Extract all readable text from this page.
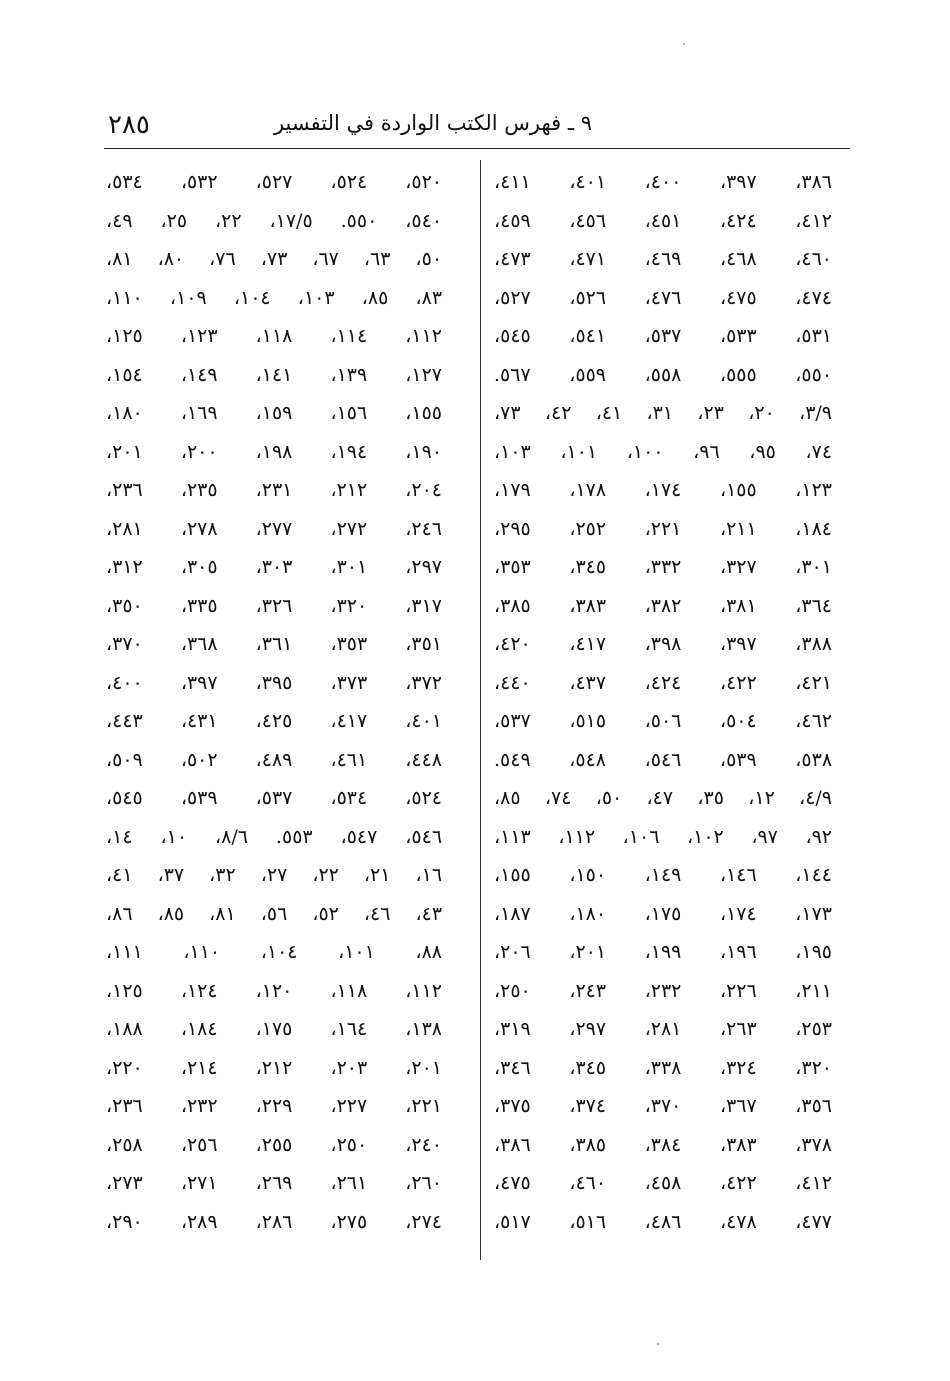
٩ ـ فهرس الكتب الواردة في التفسير
٢٨٥
٣٨٦، ٣٩٧، ٤٠٠، ٤٠١، ٤١١،
٤١٢، ٤٢٤، ٤٥١، ٤٥٦، ٤٥٩،
٤٦٠، ٤٦٨، ٤٦٩، ٤٧١، ٤٧٣،
٤٧٤، ٤٧٥، ٤٧٦، ٥٢٦، ٥٢٧،
٥٣١، ٥٣٣، ٥٣٧، ٥٤١، ٥٤٥،
٥٥٠، ٥٥٥، ٥٥٨، ٥٥٩، ٥٦٧.
٣/٩، ٢٠، ٢٣، ٣١، ٤١، ٤٢، ٧٣،
٧٤، ٩٥، ٩٦، ١٠٠، ١٠١، ١٠٣،
١٢٣، ١٥٥، ١٧٤، ١٧٨، ١٧٩،
١٨٤، ٢١١، ٢٢١، ٢٥٢، ٢٩٥،
٣٠١، ٣٢٧، ٣٣٢، ٣٤٥، ٣٥٣،
٣٦٤، ٣٨١، ٣٨٢، ٣٨٣، ٣٨٥،
٣٨٨، ٣٩٧، ٣٩٨، ٤١٧، ٤٢٠،
٤٢١، ٤٢٢، ٤٢٤، ٤٣٧، ٤٤٠،
٤٦٢، ٥٠٤، ٥٠٦، ٥١٥، ٥٣٧،
٥٣٨، ٥٣٩، ٥٤٦، ٥٤٨، ٥٤٩.
٤/٩، ١٢، ٣٥، ٤٧، ٥٠، ٧٤، ٨٥،
٩٢، ٩٧، ١٠٢، ١٠٦، ١١٢، ١١٣،
١٤٤، ١٤٦، ١٤٩، ١٥٠، ١٥٥،
١٧٣، ١٧٤، ١٧٥، ١٨٠، ١٨٧،
١٩٥، ١٩٦، ١٩٩، ٢٠١، ٢٠٦،
٢١١، ٢٢٦، ٢٣٢، ٢٤٣، ٢٥٠،
٢٥٣، ٢٦٣، ٢٨١، ٢٩٧، ٣١٩،
٣٢٠، ٣٢٤، ٣٣٨، ٣٤٥، ٣٤٦،
٣٥٦، ٣٦٧، ٣٧٠، ٣٧٤، ٣٧٥،
٣٧٨، ٣٨٣، ٣٨٤، ٣٨٥، ٣٨٦،
٤١٢، ٤٢٢، ٤٥٨، ٤٦٠، ٤٧٥،
٤٧٧، ٤٧٨، ٤٨٦، ٥١٦، ٥١٧،
٥٢٠، ٥٢٤، ٥٢٧، ٥٣٢، ٥٣٤،
٥٤٠، ٥٥٠. ١٧/٥، ٢٢، ٢٥، ٤٩،
٥٠، ٦٣، ٦٧، ٧٣، ٧٦، ٨٠، ٨١،
٨٣، ٨٥، ١٠٣، ١٠٤، ١٠٩، ١١٠،
١١٢، ١١٤، ١١٨، ١٢٣، ١٢٥،
١٢٧، ١٣٩، ١٤١، ١٤٩، ١٥٤،
١٥٥، ١٥٦، ١٥٩، ١٦٩، ١٨٠،
١٩٠، ١٩٤، ١٩٨، ٢٠٠، ٢٠١،
٢٠٤، ٢١٢، ٢٣١، ٢٣٥، ٢٣٦،
٢٤٦، ٢٧٢، ٢٧٧، ٢٧٨، ٢٨١،
٢٩٧، ٣٠١، ٣٠٣، ٣٠٥، ٣١٢،
٣١٧، ٣٢٠، ٣٢٦، ٣٣٥، ٣٥٠،
٣٥١، ٣٥٣، ٣٦١، ٣٦٨، ٣٧٠،
٣٧٢، ٣٧٣، ٣٩٥، ٣٩٧، ٤٠٠،
٤٠١، ٤١٧، ٤٢٥، ٤٣١، ٤٤٣،
٤٤٨، ٤٦١، ٤٨٩، ٥٠٢، ٥٠٩،
٥٢٤، ٥٣٤، ٥٣٧، ٥٣٩، ٥٤٥،
٥٤٦، ٥٤٧، ٥٥٣. ٨/٦، ١٠، ١٤،
١٦، ٢١، ٢٢، ٢٧، ٣٢، ٣٧، ٤١،
٤٣، ٤٦، ٥٢، ٥٦، ٨١، ٨٥، ٨٦،
٨٨، ١٠١، ١٠٤، ١١٠، ١١١،
١١٢، ١١٨، ١٢٠، ١٢٤، ١٢٥،
١٣٨، ١٦٤، ١٧٥، ١٨٤، ١٨٨،
٢٠١، ٢٠٣، ٢١٢، ٢١٤، ٢٢٠،
٢٢١، ٢٢٧، ٢٢٩، ٢٣٢، ٢٣٦،
٢٤٠، ٢٥٠، ٢٥٥، ٢٥٦، ٢٥٨،
٢٦٠، ٢٦١، ٢٦٩، ٢٧١، ٢٧٣،
٢٧٤، ٢٧٥، ٢٨٦، ٢٨٩، ٢٩٠،
